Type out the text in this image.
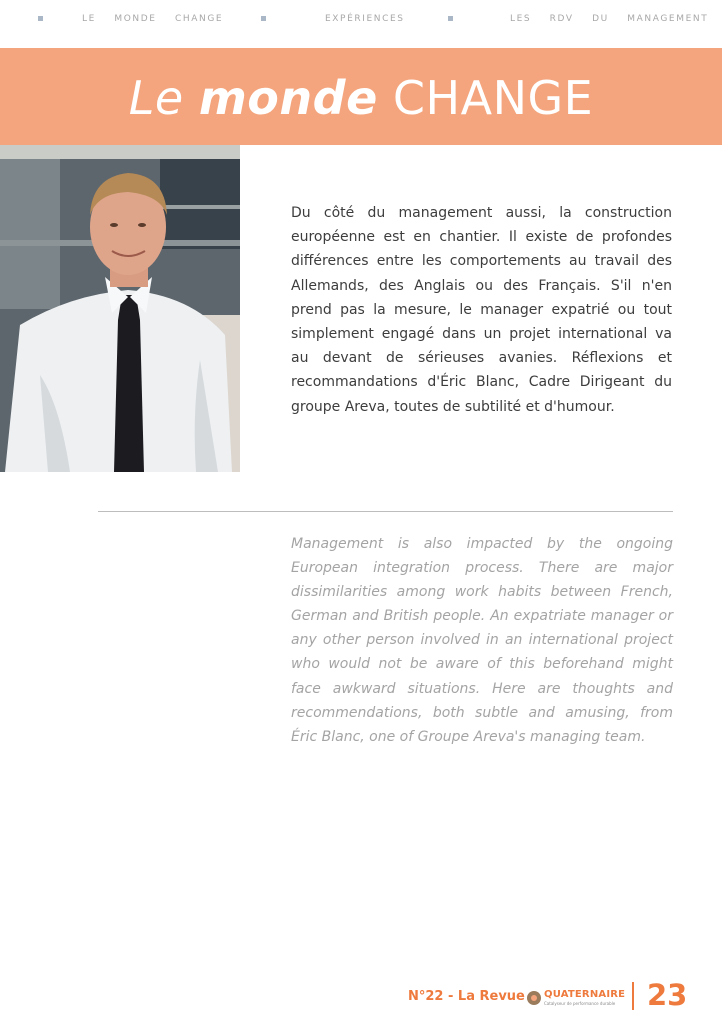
LE MONDE CHANGE	EXPÉRIENCES	LES RDV DU MANAGEMENT
Le monde CHANGE

Du côté du management aussi, la construction européenne est en chantier. Il existe de profondes différences entre les comportements au travail des Allemands, des Anglais ou des Français. S'il n'en prend pas la mesure, le manager expatrié ou tout simplement engagé dans un projet international va au devant de sérieuses avanies. Réflexions et recommandations d'Éric Blanc, Cadre Dirigeant du groupe Areva, toutes de subtilité et d'humour.

Management is also impacted by the ongoing European integration process. There are major dissimilarities among work habits between French, German and British people. An expatriate manager or any other person involved in an international project who would not be aware of this beforehand might face awkward situations. Here are thoughts and recommendations, both subtle and amusing, from Éric Blanc, one of Groupe Areva's managing team.

N°22 - La Revue QUATERNAIRE
Catalyseur de performance durable 23
